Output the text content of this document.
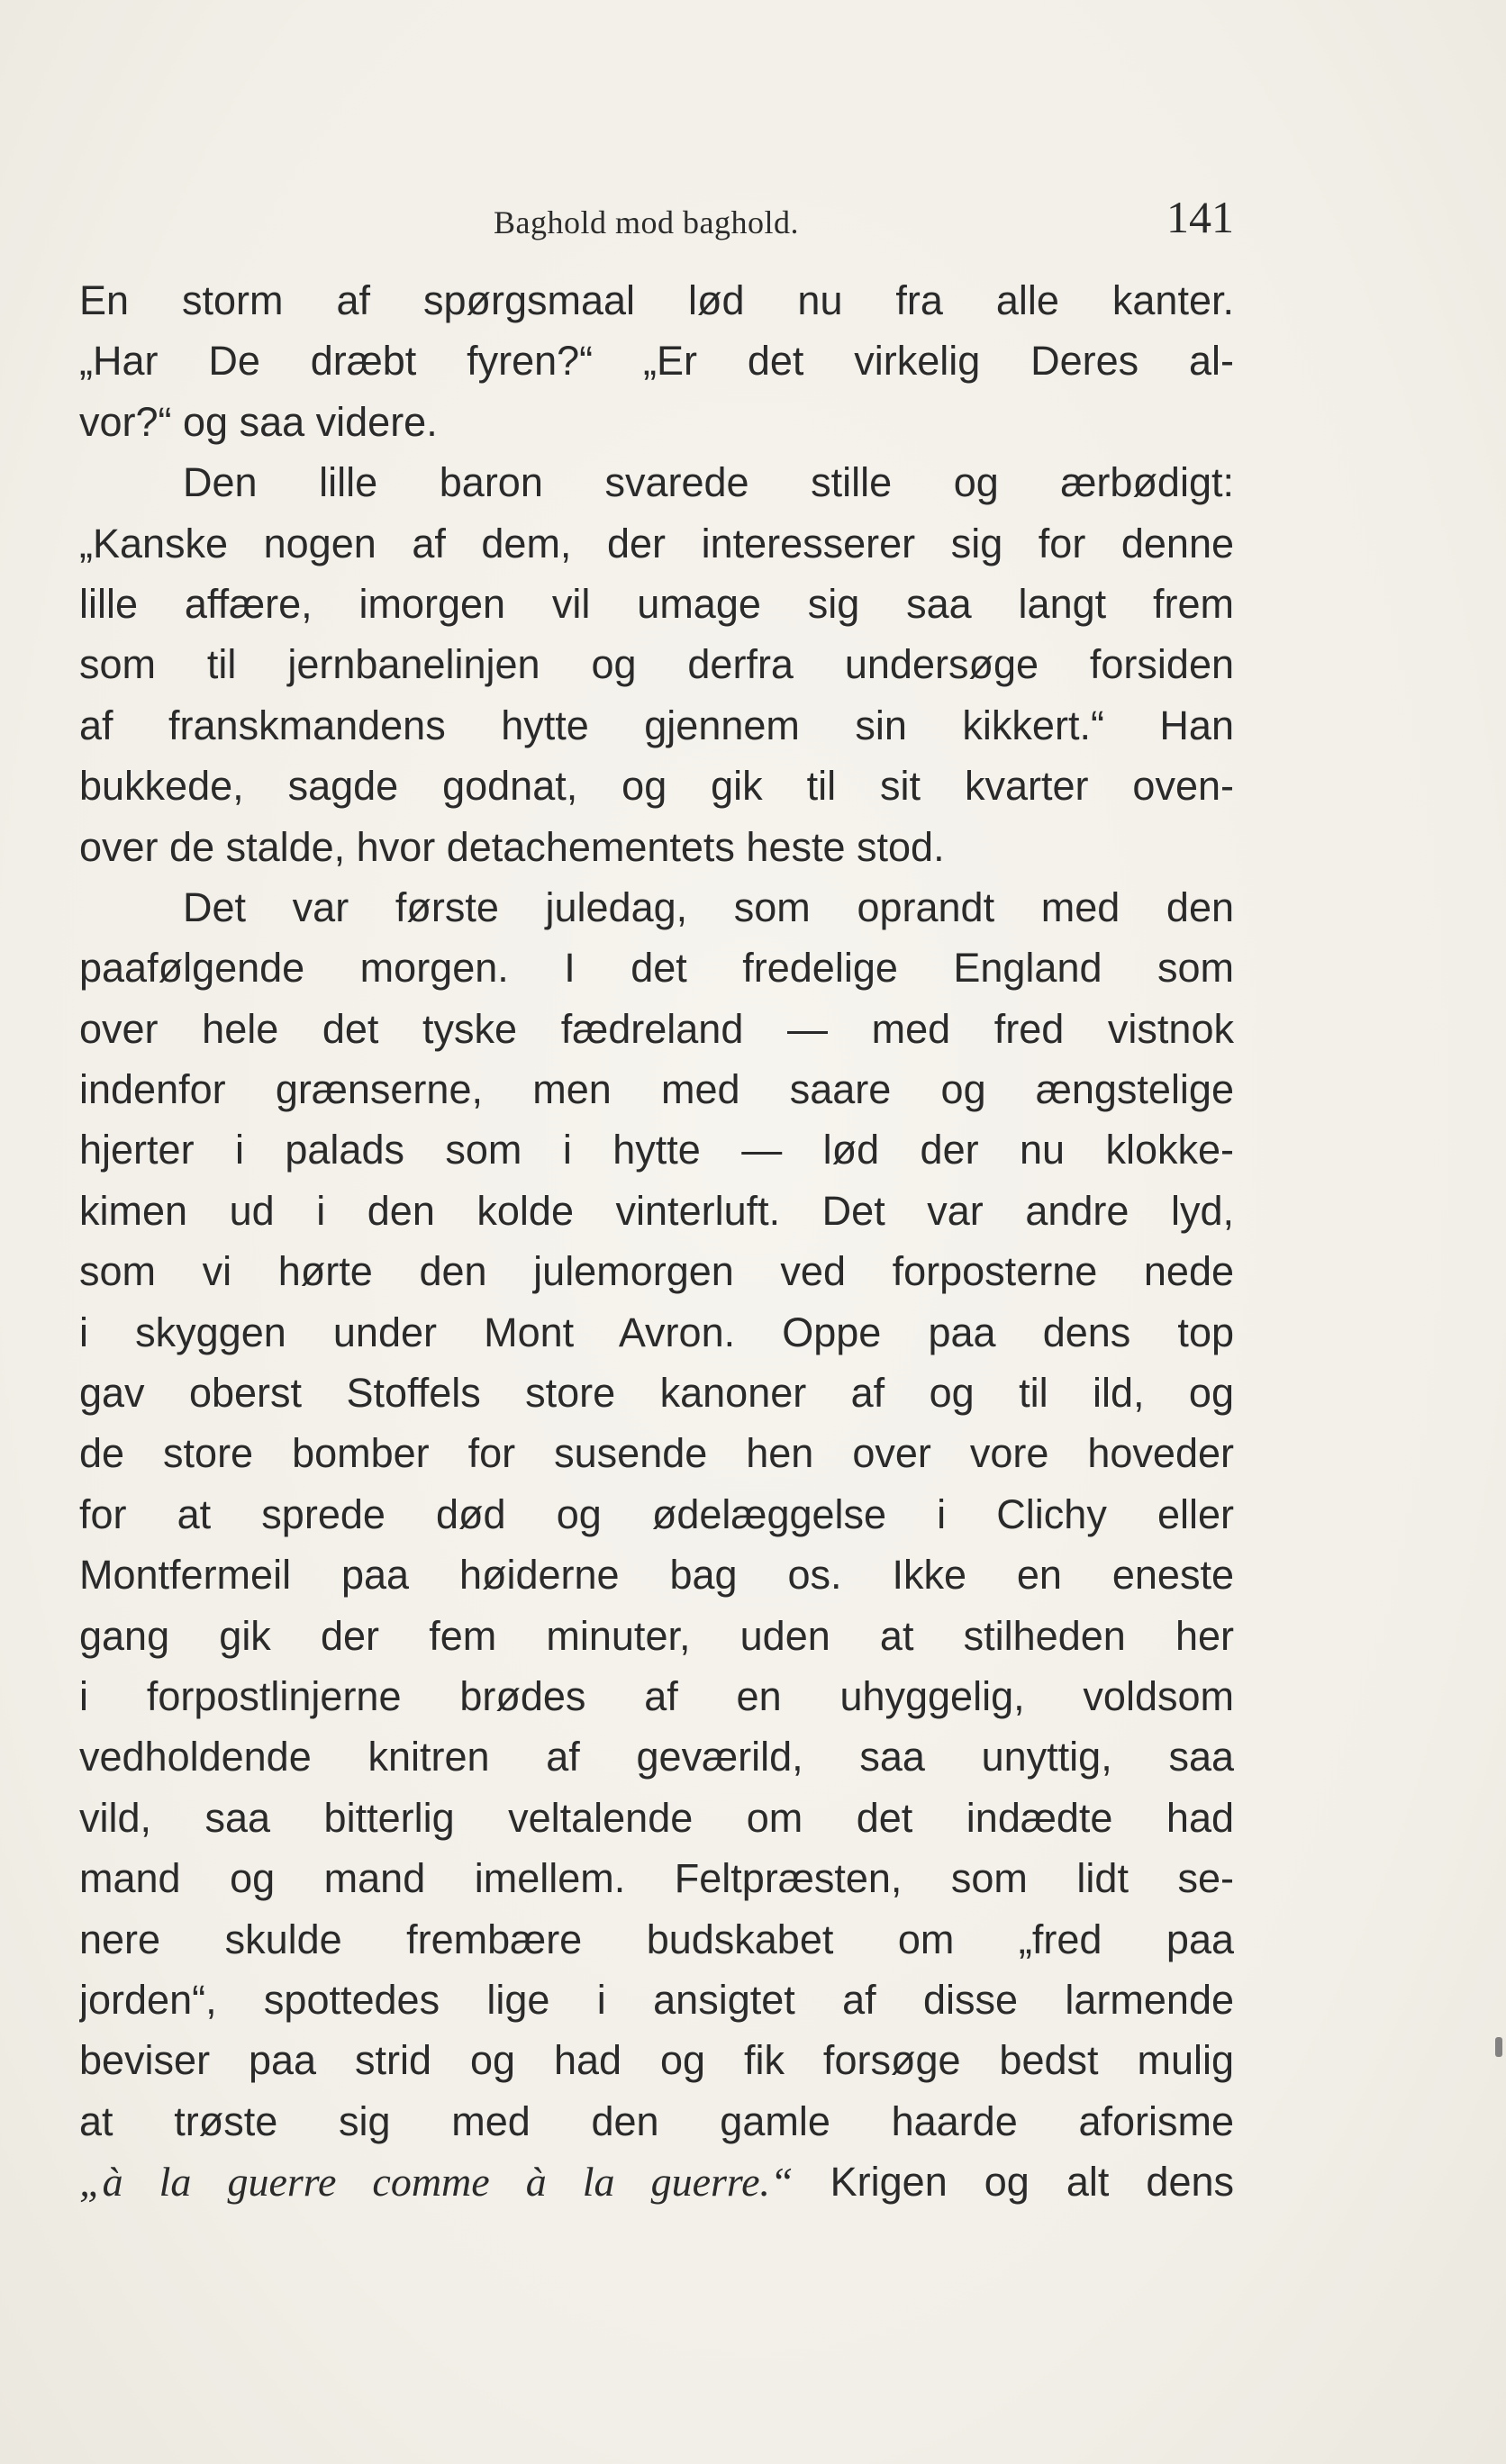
Baghold mod baghold.	141
En storm af spørgsmaal lød nu fra alle kanter.
„Har De dræbt fyren?“ „Er det virkelig Deres al-
vor?“ og saa videre.
Den lille baron svarede stille og ærbødigt:
„Kanske nogen af dem, der interesserer sig for denne
lille affære, imorgen vil umage sig saa langt frem
som til jernbanelinjen og derfra undersøge forsiden
af franskmandens hytte gjennem sin kikkert.“ Han
bukkede, sagde godnat, og gik til sit kvarter oven-
over de stalde, hvor detachementets heste stod.
Det var første juledag, som oprandt med den
paafølgende morgen. I det fredelige England som
over hele det tyske fædreland — med fred vistnok
indenfor grænserne, men med saare og ængstelige
hjerter i palads som i hytte — lød der nu klokke-
kimen ud i den kolde vinterluft. Det var andre lyd,
som vi hørte den julemorgen ved forposterne nede
i skyggen under Mont Avron. Oppe paa dens top
gav oberst Stoffels store kanoner af og til ild, og
de store bomber for susende hen over vore hoveder
for at sprede død og ødelæggelse i Clichy eller
Montfermeil paa høiderne bag os. Ikke en eneste
gang gik der fem minuter, uden at stilheden her
i forpostlinjerne brødes af en uhyggelig, voldsom
vedholdende knitren af geværild, saa unyttig, saa
vild, saa bitterlig veltalende om det indædte had
mand og mand imellem. Feltpræsten, som lidt se-
nere skulde frembære budskabet om „fred paa
jorden“, spottedes lige i ansigtet af disse larmende
beviser paa strid og had og fik forsøge bedst mulig
at trøste sig med den gamle haarde aforisme
„à la guerre comme à la guerre.“ Krigen og alt dens
